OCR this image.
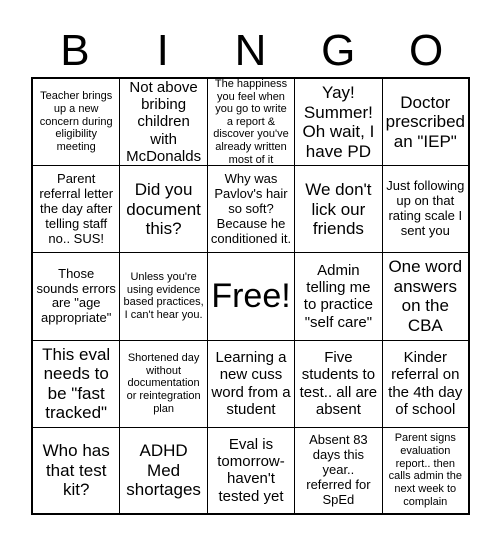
B	I	N	G	O
Teacher brings up a new concern during eligibility meeting
Not above bribing children with McDonalds
The happiness you feel when you go to write a report & discover you've already written most of it
Yay! Summer! Oh wait, I have PD
Doctor prescribed an "IEP"
Parent referral letter the day after telling staff no.. SUS!
Did you document this?
Why was Pavlov's hair so soft? Because he conditioned it.
We don't lick our friends
Just following up on that rating scale I sent you
Those sounds errors are "age appropriate"
Unless you're using evidence based practices, I can't hear you.
Free!
Admin telling me to practice "self care"
One word answers on the CBA
This eval needs to be "fast tracked"
Shortened day without documentation or reintegration plan
Learning a new cuss word from a student
Five students to test.. all are absent
Kinder referral on the 4th day of school
Who has that test kit?
ADHD Med shortages
Eval is tomorrow- haven't tested yet
Absent 83 days this year.. referred for SpEd
Parent signs evaluation report.. then calls admin the next week to complain
